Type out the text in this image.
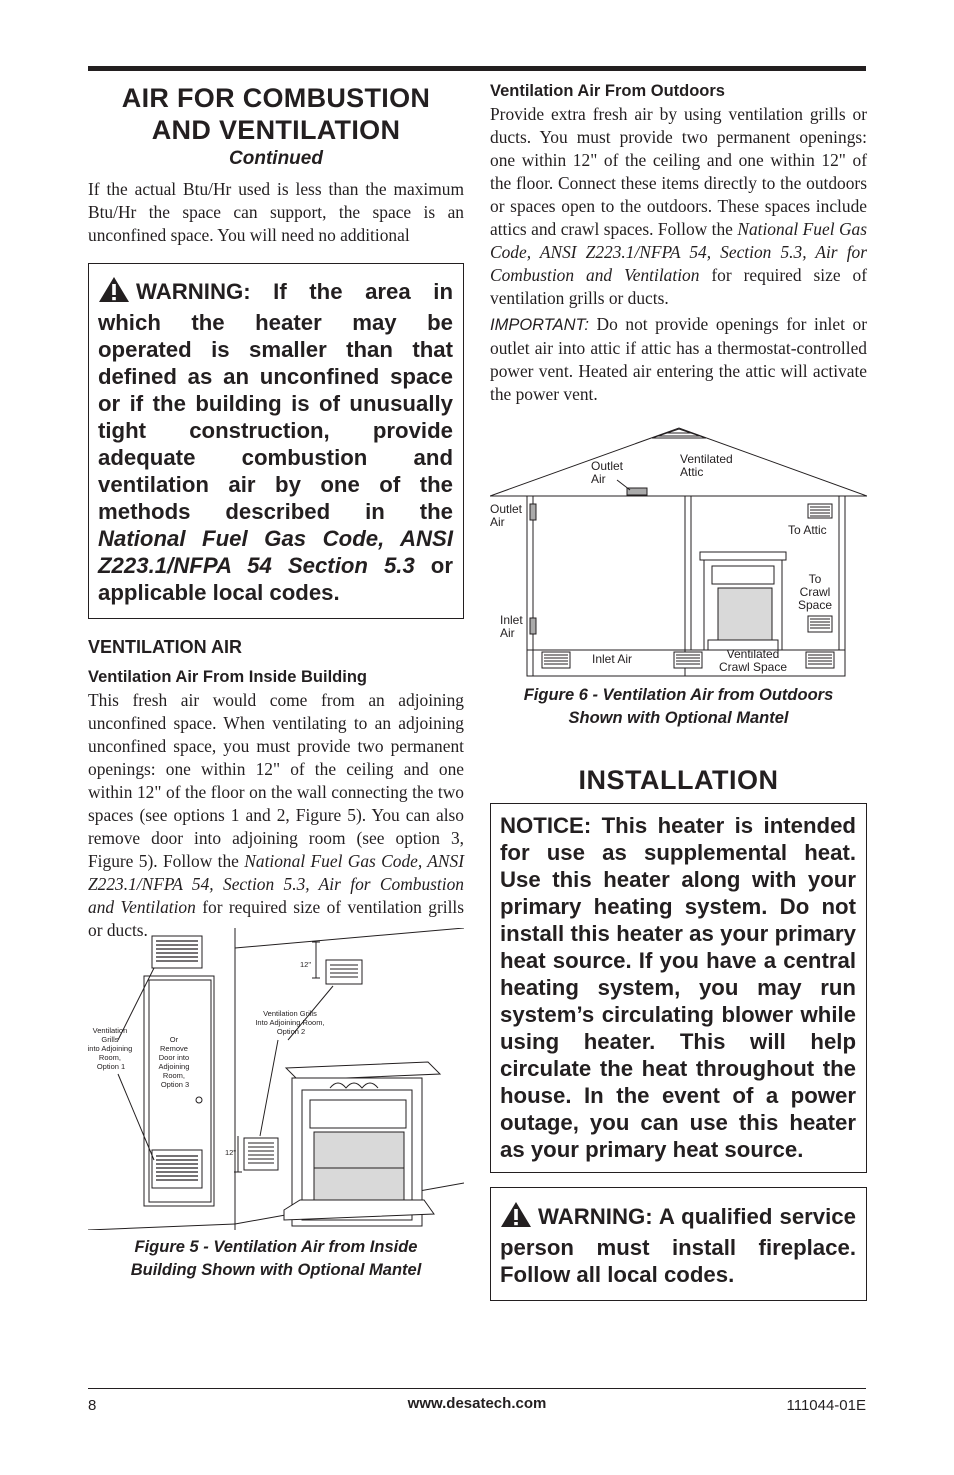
AIR FOR COMBUSTION
AND VENTILATION
Continued

If the actual Btu/Hr used is less than the maximum Btu/Hr the space can support, the space is an unconfined space. You will need no additional

WARNING: If the area in which the heater may be operated is smaller than that defined as an unconfined space or if the building is of unusually tight construction, provide adequate combustion and ventilation air by one of the methods described in the National Fuel Gas Code, ANSI Z223.1/NFPA 54 Section 5.3 or applicable local codes.

VENTILATION AIR
Ventilation Air From Inside Building

This fresh air would come from an adjoining unconfined space. When ventilating to an adjoining unconfined space, you must provide two permanent openings: one within 12" of the ceiling and one within 12" of the floor on the wall connecting the two spaces (see options 1 and 2, Figure 5). You can also remove door into adjoining room (see option 3, Figure 5). Follow the National Fuel Gas Code, ANSI Z223.1/NFPA 54, Section 5.3, Air for Combustion and Ventilation for required size of ventilation grills or ducts.

Ventilation Grills into Adjoining Room, Option 1
Or Remove Door into Adjoining Room, Option 3
Ventilation Grills Into Adjoining Room, Option 2
12"
12"
Figure 5 - Ventilation Air from Inside
Building Shown with Optional Mantel
Ventilation Air From Outdoors

Provide extra fresh air by using ventilation grills or ducts. You must provide two permanent openings: one within 12" of the ceiling and one within 12" of the floor. Connect these items directly to the outdoors or spaces open to the outdoors. These spaces include attics and crawl spaces. Follow the National Fuel Gas Code, ANSI Z223.1/NFPA 54, Section 5.3, Air for Combustion and Ventilation for required size of ventilation grills or ducts.

IMPORTANT: Do not provide openings for inlet or outlet air into attic if attic has a thermostat-controlled power vent. Heated air entering the attic will activate the power vent.

Outlet Air
Ventilated Attic
Outlet Air
To Attic
To Crawl Space
Inlet Air
Inlet Air	Ventilated Crawl Space
Figure 6 - Ventilation Air from Outdoors
Shown with Optional Mantel
INSTALLATION

NOTICE: This heater is intended for use as supplemental heat. Use this heater along with your primary heating system. Do not install this heater as your primary heat source. If you have a central heating system, you may run system’s circulating blower while using heater. This will help circulate the heat throughout the house. In the event of a power outage, you can use this heater as your primary heat source.

WARNING: A qualified service person must install fireplace. Follow all local codes.

8	www.desatech.com	111044-01E
